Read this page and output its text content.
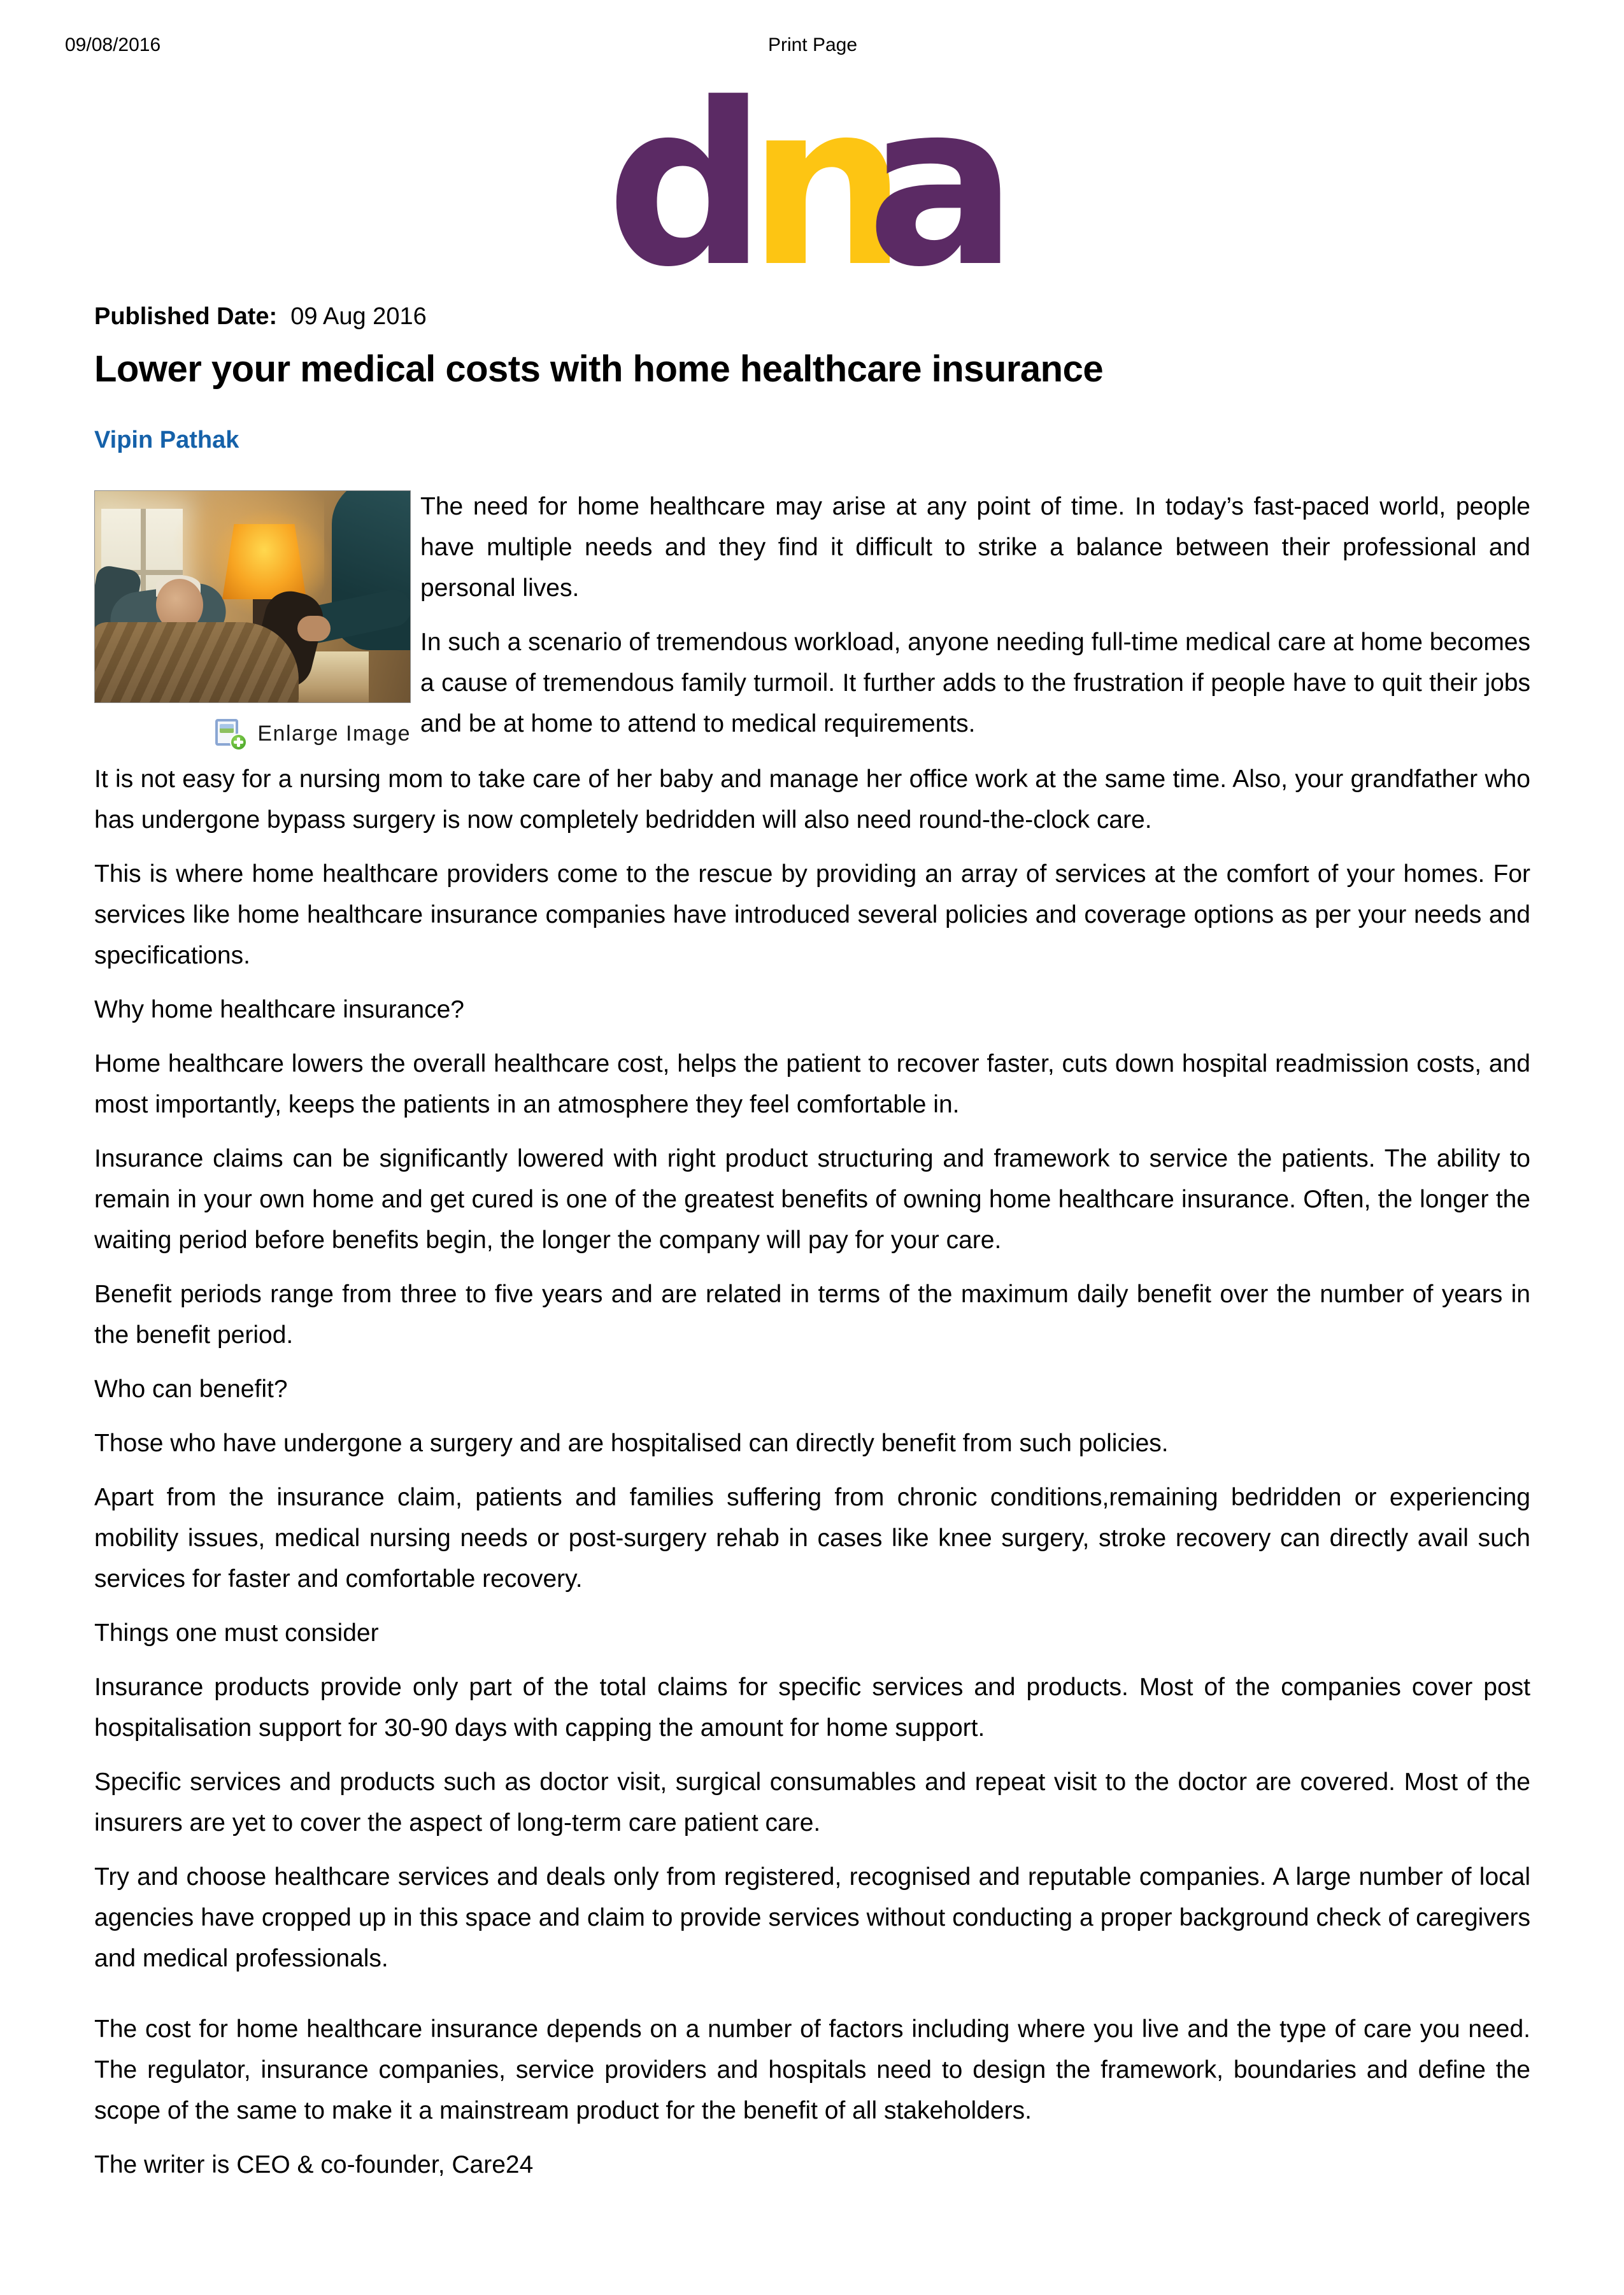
09/08/2016	Print Page
d
n
a
Published Date: 09 Aug 2016
Lower your medical costs with home healthcare insurance
Vipin Pathak
Enlarge Image

The need for home healthcare may arise at any point of time. In today’s fast-paced world, people have multiple needs and they find it difficult to strike a balance between their professional and personal lives.

In such a scenario of tremendous workload, anyone needing full-time medical care at home becomes a cause of tremendous family turmoil. It further adds to the frustration if people have to quit their jobs and be at home to attend to medical requirements.

It is not easy for a nursing mom to take care of her baby and manage her office work at the same time. Also, your grandfather who has undergone bypass surgery is now completely bedridden will also need round-the-clock care.

This is where home healthcare providers come to the rescue by providing an array of services at the comfort of your homes. For services like home healthcare insurance companies have introduced several policies and coverage options as per your needs and specifications.

Why home healthcare insurance?

Home healthcare lowers the overall healthcare cost, helps the patient to recover faster, cuts down hospital readmission costs, and most importantly, keeps the patients in an atmosphere they feel comfortable in.

Insurance claims can be significantly lowered with right product structuring and framework to service the patients. The ability to remain in your own home and get cured is one of the greatest benefits of owning home healthcare insurance. Often, the longer the waiting period before benefits begin, the longer the company will pay for your care.

Benefit periods range from three to five years and are related in terms of the maximum daily benefit over the number of years in the benefit period.

Who can benefit?

Those who have undergone a surgery and are hospitalised can directly benefit from such policies.

Apart from the insurance claim, patients and families suffering from chronic conditions,remaining bedridden or experiencing mobility issues, medical nursing needs or post-surgery rehab in cases like knee surgery, stroke recovery can directly avail such services for faster and comfortable recovery.

Things one must consider

Insurance products provide only part of the total claims for specific services and products. Most of the companies cover post hospitalisation support for 30-90 days with capping the amount for home support.

Specific services and products such as doctor visit, surgical consumables and repeat visit to the doctor are covered. Most of the insurers are yet to cover the aspect of long-term care patient care.

Try and choose healthcare services and deals only from registered, recognised and reputable companies. A large number of local agencies have cropped up in this space and claim to provide services without conducting a proper background check of caregivers and medical professionals.

The cost for home healthcare insurance depends on a number of factors including where you live and the type of care you need. The regulator, insurance companies, service providers and hospitals need to design the framework, boundaries and define the scope of the same to make it a mainstream product for the benefit of all stakeholders.

The writer is CEO & co-founder, Care24
